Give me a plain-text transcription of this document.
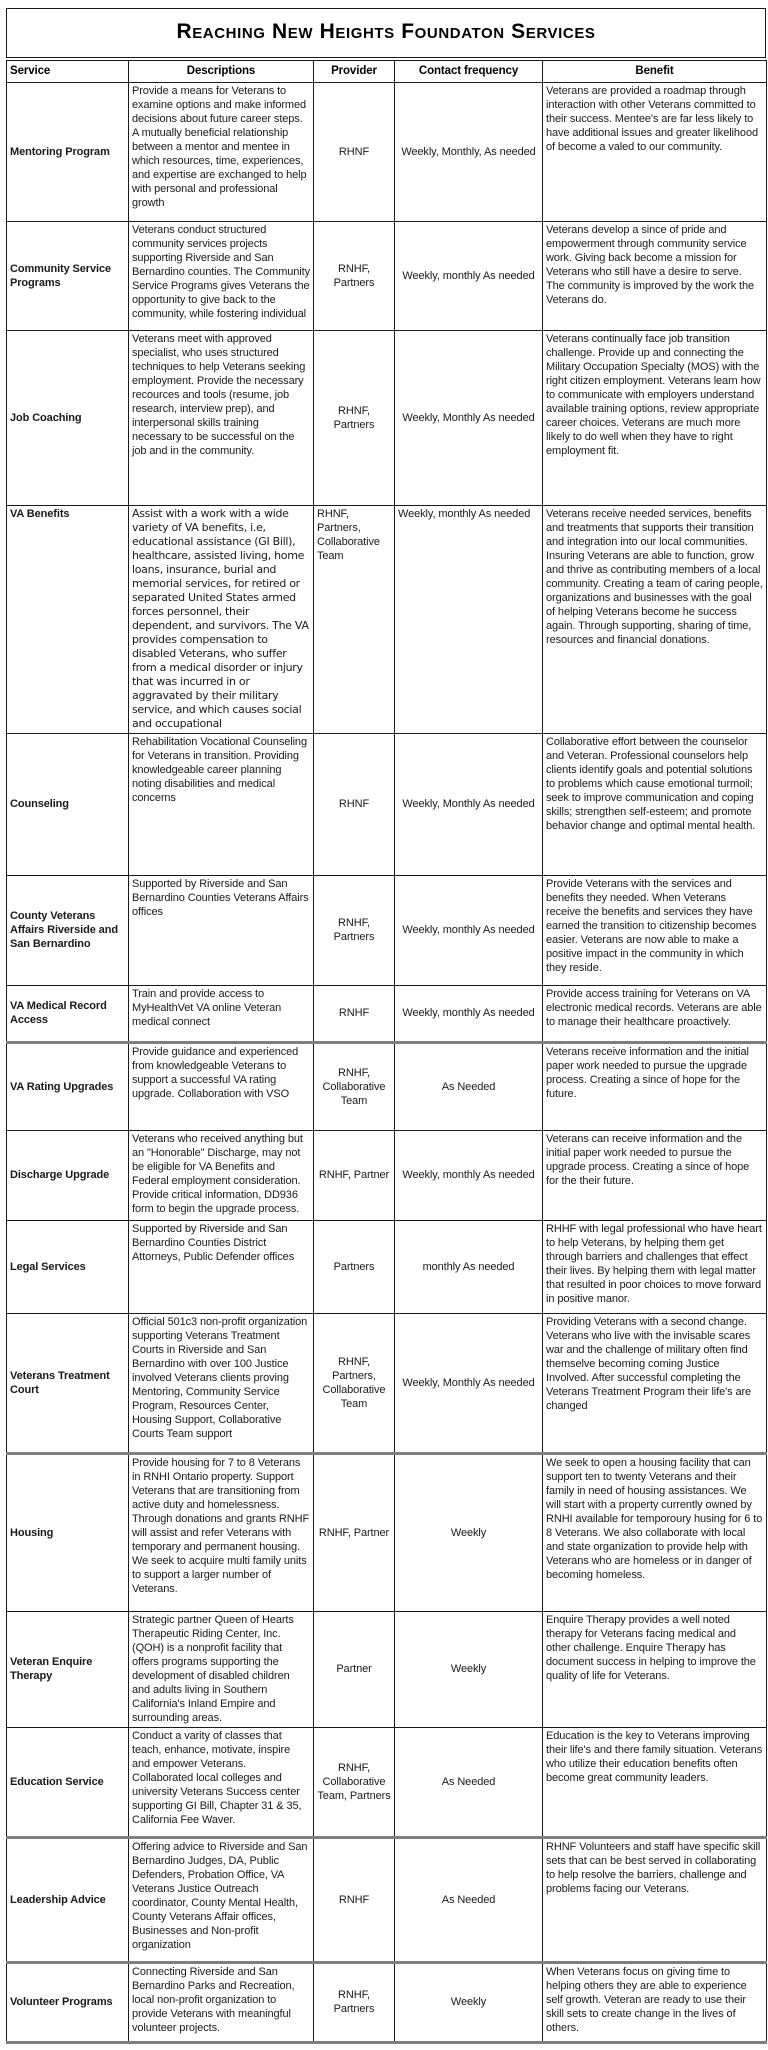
Reaching New Heights Foundaton Services
Service	Descriptions	Provider	Contact frequency	Benefit
Mentoring Program	Provide a means for Veterans to examine options and make informed decisions about future career steps. A mutually beneficial relationship between a mentor and mentee in which resources, time, experiences, and expertise are exchanged to help with personal and professional growth	RHNF	Weekly, Monthly, As needed	Veterans are provided a roadmap through interaction with other Veterans committed to their success. Mentee's are far less likely to have additional issues and greater likelihood of become a valed to our community.
Community Service Programs	Veterans conduct structured community services projects supporting Riverside and San Bernardino counties. The Community Service Programs gives Veterans the opportunity to give back to the community, while fostering individual	RNHF, Partners	Weekly, monthly As needed	Veterans develop a since of pride and empowerment through community service work. Giving back become a mission for Veterans who still have a desire to serve. The community is improved by the work the Veterans do.
Job Coaching	Veterans meet with approved specialist, who uses structured techniques to help Veterans seeking employment. Provide the necessary recources and tools (resume, job research, interview prep), and interpersonal skills training necessary to be successful on the job and in the community.	RHNF, Partners	Weekly, Monthly As needed	Veterans continually face job transition challenge. Provide up and connecting the Military Occupation Specialty (MOS) with the right citizen employment. Veterans learn how to communicate with employers understand available training options, review appropriate career choices. Veterans are much more likely to do well when they have to right employment fit.
VA Benefits	Assist with a work with a wide variety of VA benefits, i.e, educational assistance (GI Bill), healthcare, assisted living, home loans, insurance, burial and memorial services, for retired or separated United States armed forces personnel, their dependent, and survivors. The VA provides compensation to disabled Veterans, who suffer from a medical disorder or injury that was incurred in or aggravated by their military service, and which causes social and occupational	RHNF, Partners, Collaborative Team	Weekly, monthly As needed	Veterans receive needed services, benefits and treatments that supports their transition and integration into our local communities. Insuring Veterans are able to function, grow and thrive as contributing members of a local community. Creating a team of caring people, organizations and businesses with the goal of helping Veterans become he success again. Through supporting, sharing of time, resources and financial donations.
Counseling	Rehabilitation Vocational Counseling for Veterans in transition. Providing knowledgeable career planning noting disabilities and medical concerns	RHNF	Weekly, Monthly As needed	Collaborative effort between the counselor and Veteran. Professional counselors help clients identify goals and potential solutions to problems which cause emotional turmoil; seek to improve communication and coping skills; strengthen self-esteem; and promote behavior change and optimal mental health.
County Veterans Affairs Riverside and San Bernardino	Supported by Riverside and San Bernardino Counties Veterans Affairs offices	RNHF, Partners	Weekly, monthly As needed	Provide Veterans with the services and benefits they needed. When Veterans receive the benefits and services they have earned the transition to citizenship becomes easier. Veterans are now able to make a positive impact in the community in which they reside.
VA Medical Record Access	Train and provide access to MyHealthVet VA online Veteran medical connect	RNHF	Weekly, monthly As needed	Provide access training for Veterans on VA electronic medical records. Veterans are able to manage their healthcare proactively.
VA Rating Upgrades	Provide guidance and experienced from knowledgeable Veterans to support a successful VA rating upgrade. Collaboration with VSO	RNHF, Collaborative Team	As Needed	Veterans receive information and the initial paper work needed to pursue the upgrade process. Creating a since of hope for the future.
Discharge Upgrade	Veterans who received anything but an "Honorable" Discharge, may not be eligible for VA Benefits and Federal employment consideration. Provide critical information, DD936 form to begin the upgrade process.	RNHF, Partner	Weekly, monthly As needed	Veterans can receive information and the initial paper work needed to pursue the upgrade process. Creating a since of hope for the their future.
Legal Services	Supported by Riverside and San Bernardino Counties District Attorneys, Public Defender offices	Partners	monthly As needed	RHHF with legal professional who have heart to help Veterans, by helping them get through barriers and challenges that effect their lives. By helping them with legal matter that resulted in poor choices to move forward in positive manor.
Veterans Treatment Court	Official 501c3 non-profit organization supporting Veterans Treatment Courts in Riverside and San Bernardino with over 100 Justice involved Veterans clients proving Mentoring, Community Service Program, Resources Center, Housing Support, Collaborative Courts Team support	RHNF, Partners, Collaborative Team	Weekly, Monthly As needed	Providing Veterans with a second change. Veterans who live with the invisable scares war and the challenge of military often find themselve becoming coming Justice Involved. After successful completing the Veterans Treatment Program their life's are changed
Housing	Provide housing for 7 to 8 Veterans in RNHI Ontario property. Support Veterans that are transitioning from active duty and homelessness. Through donations and grants RNHF will assist and refer Veterans with temporary and permanent housing. We seek to acquire multi family units to support a larger number of Veterans.	RNHF, Partner	Weekly	We seek to open a housing facility that can support ten to twenty Veterans and their family in need of housing assistances. We will start with a property currently owned by RNHI available for temporoury husing for 6 to 8 Veterans. We also collaborate with local and state organization to provide help with Veterans who are homeless or in danger of becoming homeless.
Veteran Enquire Therapy	Strategic partner Queen of Hearts Therapeutic Riding Center, Inc. (QOH) is a nonprofit facility that offers programs supporting the development of disabled children and adults living in Southern California's Inland Empire and surrounding areas.	Partner	Weekly	Enquire Therapy provides a well noted therapy for Veterans facing medical and other challenge. Enquire Therapy has document success in helping to improve the quality of life for Veterans.
Education Service	Conduct a varity of classes that teach, enhance, motivate, inspire and empower Veterans. Collaborated local colleges and university Veterans Success center supporting GI Bill, Chapter 31 & 35, California Fee Waver.	RNHF, Collaborative Team, Partners	As Needed	Education is the key to Veterans improving their life's and there family situation. Veterans who utilize their education benefits often become great community leaders.
Leadership Advice	Offering advice to Riverside and San Bernardino Judges, DA, Public Defenders, Probation Office, VA Veterans Justice Outreach coordinator, County Mental Health, County Veterans Affair offices, Businesses and Non-profit organization	RNHF	As Needed	RHNF Volunteers and staff have specific skill sets that can be best served in collaborating to help resolve the barriers, challenge and problems facing our Veterans.
Volunteer Programs	Connecting Riverside and San Bernardino Parks and Recreation, local non-profit organization to provide Veterans with meaningful volunteer projects.	RNHF, Partners	Weekly	When Veterans focus on giving time to helping others they are able to experience self growth. Veteran are ready to use their skill sets to create change in the lives of others.
